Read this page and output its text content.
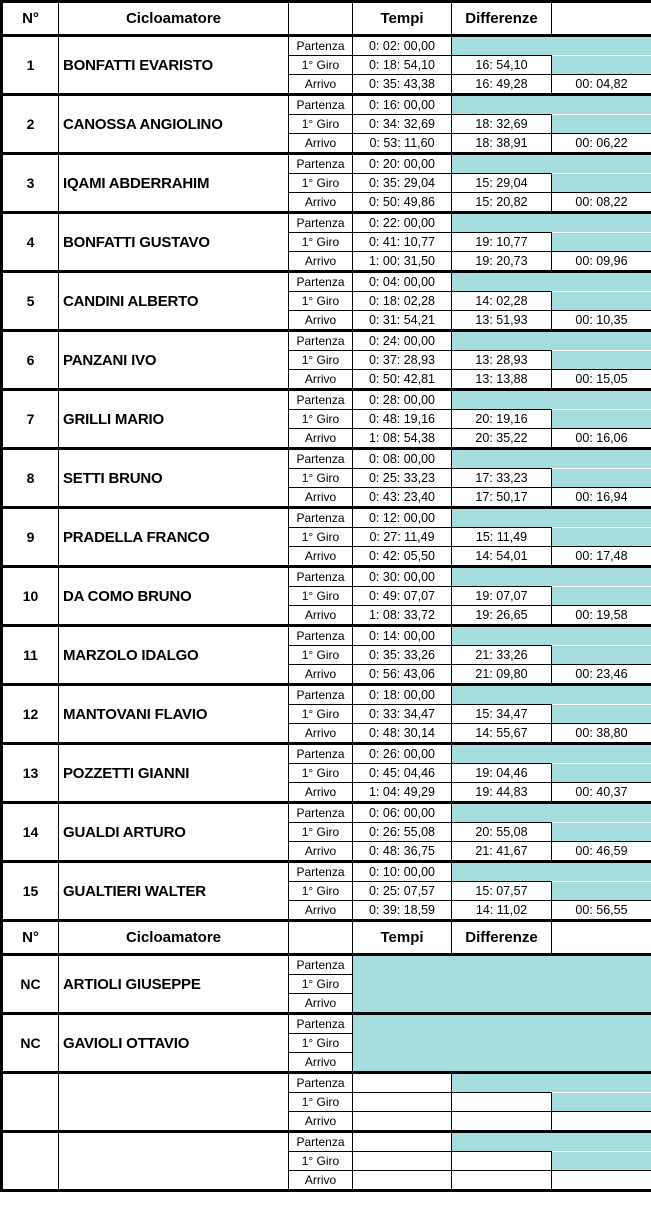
N°	Cicloamatore		Tempi	Differenze	
1	BONFATTI EVARISTO	Partenza	0: 02: 00,00		
		1° Giro	0: 18: 54,10	16: 54,10	
		Arrivo	0: 35: 43,38	16: 49,28	00: 04,82
2	CANOSSA ANGIOLINO	Partenza	0: 16: 00,00		
		1° Giro	0: 34: 32,69	18: 32,69	
		Arrivo	0: 53: 11,60	18: 38,91	00: 06,22
3	IQAMI ABDERRAHIM	Partenza	0: 20: 00,00		
		1° Giro	0: 35: 29,04	15: 29,04	
		Arrivo	0: 50: 49,86	15: 20,82	00: 08,22
4	BONFATTI GUSTAVO	Partenza	0: 22: 00,00		
		1° Giro	0: 41: 10,77	19: 10,77	
		Arrivo	1: 00: 31,50	19: 20,73	00: 09,96
5	CANDINI ALBERTO	Partenza	0: 04: 00,00		
		1° Giro	0: 18: 02,28	14: 02,28	
		Arrivo	0: 31: 54,21	13: 51,93	00: 10,35
6	PANZANI IVO	Partenza	0: 24: 00,00		
		1° Giro	0: 37: 28,93	13: 28,93	
		Arrivo	0: 50: 42,81	13: 13,88	00: 15,05
7	GRILLI MARIO	Partenza	0: 28: 00,00		
		1° Giro	0: 48: 19,16	20: 19,16	
		Arrivo	1: 08: 54,38	20: 35,22	00: 16,06
8	SETTI BRUNO	Partenza	0: 08: 00,00		
		1° Giro	0: 25: 33,23	17: 33,23	
		Arrivo	0: 43: 23,40	17: 50,17	00: 16,94
9	PRADELLA FRANCO	Partenza	0: 12: 00,00		
		1° Giro	0: 27: 11,49	15: 11,49	
		Arrivo	0: 42: 05,50	14: 54,01	00: 17,48
10	DA COMO BRUNO	Partenza	0: 30: 00,00		
		1° Giro	0: 49: 07,07	19: 07,07	
		Arrivo	1: 08: 33,72	19: 26,65	00: 19,58
11	MARZOLO IDALGO	Partenza	0: 14: 00,00		
		1° Giro	0: 35: 33,26	21: 33,26	
		Arrivo	0: 56: 43,06	21: 09,80	00: 23,46
12	MANTOVANI FLAVIO	Partenza	0: 18: 00,00		
		1° Giro	0: 33: 34,47	15: 34,47	
		Arrivo	0: 48: 30,14	14: 55,67	00: 38,80
13	POZZETTI GIANNI	Partenza	0: 26: 00,00		
		1° Giro	0: 45: 04,46	19: 04,46	
		Arrivo	1: 04: 49,29	19: 44,83	00: 40,37
14	GUALDI ARTURO	Partenza	0: 06: 00,00		
		1° Giro	0: 26: 55,08	20: 55,08	
		Arrivo	0: 48: 36,75	21: 41,67	00: 46,59
15	GUALTIERI WALTER	Partenza	0: 10: 00,00		
		1° Giro	0: 25: 07,57	15: 07,57	
		Arrivo	0: 39: 18,59	14: 11,02	00: 56,55
N°	Cicloamatore		Tempi	Differenze	
NC	ARTIOLI GIUSEPPE	Partenza			
		1° Giro			
		Arrivo			
NC	GAVIOLI OTTAVIO	Partenza			
		1° Giro			
		Arrivo			
		Partenza			
		1° Giro			
		Arrivo			
		Partenza			
		1° Giro			
		Arrivo			
